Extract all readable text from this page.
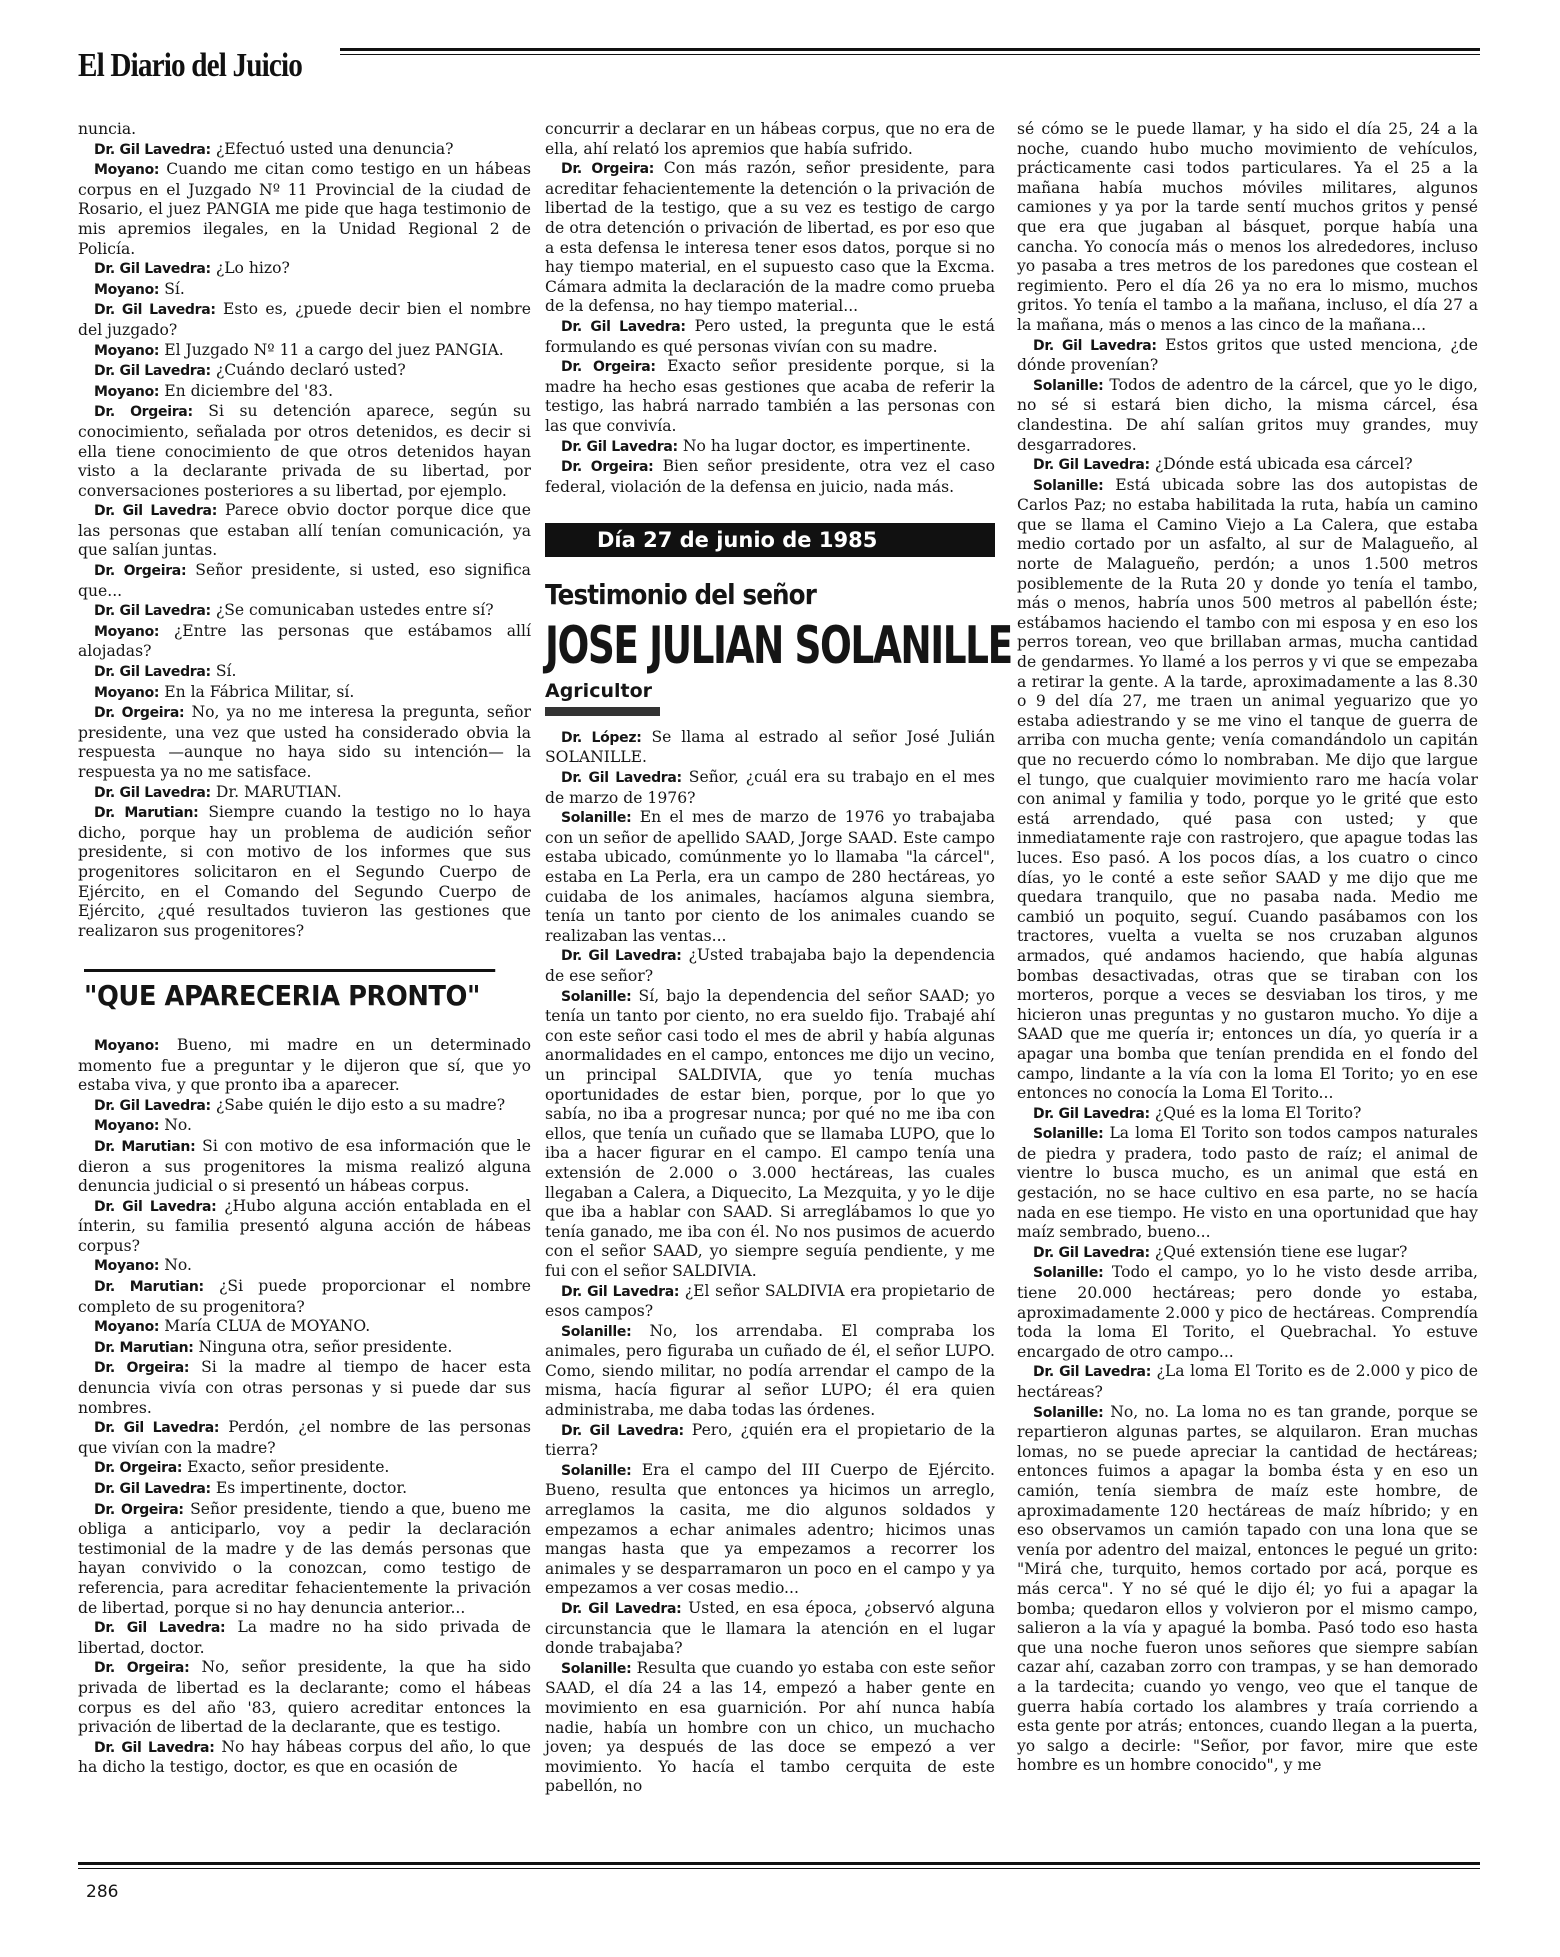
El Diario del Juicio

nuncia.

Dr. Gil Lavedra: ¿Efectuó usted una denuncia?

Moyano: Cuando me citan como testigo en un hábeas corpus en el Juzgado Nº 11 Provincial de la ciudad de Rosario, el juez PANGIA me pide que haga testimonio de mis apremios ilegales, en la Unidad Regional 2 de Policía.

Dr. Gil Lavedra: ¿Lo hizo?

Moyano: Sí.

Dr. Gil Lavedra: Esto es, ¿puede decir bien el nombre del juzgado?

Moyano: El Juzgado Nº 11 a cargo del juez PANGIA.

Dr. Gil Lavedra: ¿Cuándo declaró usted?

Moyano: En diciembre del '83.

Dr. Orgeira: Si su detención aparece, según su conocimiento, señalada por otros detenidos, es decir si ella tiene conocimiento de que otros detenidos hayan visto a la declarante privada de su libertad, por conversaciones posteriores a su libertad, por ejemplo.

Dr. Gil Lavedra: Parece obvio doctor porque dice que las personas que estaban allí tenían comunicación, ya que salían juntas.

Dr. Orgeira: Señor presidente, si usted, eso significa que...

Dr. Gil Lavedra: ¿Se comunicaban ustedes entre sí?

Moyano: ¿Entre las personas que estábamos allí alojadas?

Dr. Gil Lavedra: Sí.

Moyano: En la Fábrica Militar, sí.

Dr. Orgeira: No, ya no me interesa la pregunta, señor presidente, una vez que usted ha considerado obvia la respuesta —aunque no haya sido su intención— la respuesta ya no me satisface.

Dr. Gil Lavedra: Dr. MARUTIAN.

Dr. Marutian: Siempre cuando la testigo no lo haya dicho, porque hay un problema de audición señor presidente, si con motivo de los informes que sus progenitores solicitaron en el Segundo Cuerpo de Ejército, en el Comando del Segundo Cuerpo de Ejército, ¿qué resultados tuvieron las gestiones que realizaron sus progenitores?

"QUE APARECERIA PRONTO"

Moyano: Bueno, mi madre en un determinado momento fue a preguntar y le dijeron que sí, que yo estaba viva, y que pronto iba a aparecer.

Dr. Gil Lavedra: ¿Sabe quién le dijo esto a su madre?

Moyano: No.

Dr. Marutian: Si con motivo de esa información que le dieron a sus progenitores la misma realizó alguna denuncia judicial o si presentó un hábeas corpus.

Dr. Gil Lavedra: ¿Hubo alguna acción entablada en el ínterin, su familia presentó alguna acción de hábeas corpus?

Moyano: No.

Dr. Marutian: ¿Si puede proporcionar el nombre completo de su progenitora?

Moyano: María CLUA de MOYANO.

Dr. Marutian: Ninguna otra, señor presidente.

Dr. Orgeira: Si la madre al tiempo de hacer esta denuncia vivía con otras personas y si puede dar sus nombres.

Dr. Gil Lavedra: Perdón, ¿el nombre de las personas que vivían con la madre?

Dr. Orgeira: Exacto, señor presidente.

Dr. Gil Lavedra: Es impertinente, doctor.

Dr. Orgeira: Señor presidente, tiendo a que, bueno me obliga a anticiparlo, voy a pedir la declaración testimonial de la madre y de las demás personas que hayan convivido o la conozcan, como testigo de referencia, para acreditar fehacientemente la privación de libertad, porque si no hay denuncia anterior...

Dr. Gil Lavedra: La madre no ha sido privada de libertad, doctor.

Dr. Orgeira: No, señor presidente, la que ha sido privada de libertad es la declarante; como el hábeas corpus es del año '83, quiero acreditar entonces la privación de libertad de la declarante, que es testigo.

Dr. Gil Lavedra: No hay hábeas corpus del año, lo que ha dicho la testigo, doctor, es que en ocasión de

concurrir a declarar en un hábeas corpus, que no era de ella, ahí relató los apremios que había sufrido.

Dr. Orgeira: Con más razón, señor presidente, para acreditar fehacientemente la detención o la privación de libertad de la testigo, que a su vez es testigo de cargo de otra detención o privación de libertad, es por eso que a esta defensa le interesa tener esos datos, porque si no hay tiempo material, en el supuesto caso que la Excma. Cámara admita la declaración de la madre como prueba de la defensa, no hay tiempo material...

Dr. Gil Lavedra: Pero usted, la pregunta que le está formulando es qué personas vivían con su madre.

Dr. Orgeira: Exacto señor presidente porque, si la madre ha hecho esas gestiones que acaba de referir la testigo, las habrá narrado también a las personas con las que convivía.

Dr. Gil Lavedra: No ha lugar doctor, es impertinente.

Dr. Orgeira: Bien señor presidente, otra vez el caso federal, violación de la defensa en juicio, nada más.

Día 27 de junio de 1985
Testimonio del señor
JOSE JULIAN SOLANILLE
Agricultor

Dr. López: Se llama al estrado al señor José Julián SOLANILLE.

Dr. Gil Lavedra: Señor, ¿cuál era su trabajo en el mes de marzo de 1976?

Solanille: En el mes de marzo de 1976 yo trabajaba con un señor de apellido SAAD, Jorge SAAD. Este campo estaba ubicado, comúnmente yo lo llamaba "la cárcel", estaba en La Perla, era un campo de 280 hectáreas, yo cuidaba de los animales, hacíamos alguna siembra, tenía un tanto por ciento de los animales cuando se realizaban las ventas...

Dr. Gil Lavedra: ¿Usted trabajaba bajo la dependencia de ese señor?

Solanille: Sí, bajo la dependencia del señor SAAD; yo tenía un tanto por ciento, no era sueldo fijo. Trabajé ahí con este señor casi todo el mes de abril y había algunas anormalidades en el campo, entonces me dijo un vecino, un principal SALDIVIA, que yo tenía muchas oportunidades de estar bien, porque, por lo que yo sabía, no iba a progresar nunca; por qué no me iba con ellos, que tenía un cuñado que se llamaba LUPO, que lo iba a hacer figurar en el campo. El campo tenía una extensión de 2.000 o 3.000 hectáreas, las cuales llegaban a Calera, a Diquecito, La Mezquita, y yo le dije que iba a hablar con SAAD. Si arreglábamos lo que yo tenía ganado, me iba con él. No nos pusimos de acuerdo con el señor SAAD, yo siempre seguía pendiente, y me fui con el señor SALDIVIA.

Dr. Gil Lavedra: ¿El señor SALDIVIA era propietario de esos campos?

Solanille: No, los arrendaba. El compraba los animales, pero figuraba un cuñado de él, el señor LUPO. Como, siendo militar, no podía arrendar el campo de la misma, hacía figurar al señor LUPO; él era quien administraba, me daba todas las órdenes.

Dr. Gil Lavedra: Pero, ¿quién era el propietario de la tierra?

Solanille: Era el campo del III Cuerpo de Ejército. Bueno, resulta que entonces ya hicimos un arreglo, arreglamos la casita, me dio algunos soldados y empezamos a echar animales adentro; hicimos unas mangas hasta que ya empezamos a recorrer los animales y se desparramaron un poco en el campo y ya empezamos a ver cosas medio...

Dr. Gil Lavedra: Usted, en esa época, ¿observó alguna circunstancia que le llamara la atención en el lugar donde trabajaba?

Solanille: Resulta que cuando yo estaba con este señor SAAD, el día 24 a las 14, empezó a haber gente en movimiento en esa guarnición. Por ahí nunca había nadie, había un hombre con un chico, un muchacho joven; ya después de las doce se empezó a ver movimiento. Yo hacía el tambo cerquita de este pabellón, no

sé cómo se le puede llamar, y ha sido el día 25, 24 a la noche, cuando hubo mucho movimiento de vehículos, prácticamente casi todos particulares. Ya el 25 a la mañana había muchos móviles militares, algunos camiones y ya por la tarde sentí muchos gritos y pensé que era que jugaban al básquet, porque había una cancha. Yo conocía más o menos los alrededores, incluso yo pasaba a tres metros de los paredones que costean el regimiento. Pero el día 26 ya no era lo mismo, muchos gritos. Yo tenía el tambo a la mañana, incluso, el día 27 a la mañana, más o menos a las cinco de la mañana...

Dr. Gil Lavedra: Estos gritos que usted menciona, ¿de dónde provenían?

Solanille: Todos de adentro de la cárcel, que yo le digo, no sé si estará bien dicho, la misma cárcel, ésa clandestina. De ahí salían gritos muy grandes, muy desgarradores.

Dr. Gil Lavedra: ¿Dónde está ubicada esa cárcel?

Solanille: Está ubicada sobre las dos autopistas de Carlos Paz; no estaba habilitada la ruta, había un camino que se llama el Camino Viejo a La Calera, que estaba medio cortado por un asfalto, al sur de Malagueño, al norte de Malagueño, perdón; a unos 1.500 metros posiblemente de la Ruta 20 y donde yo tenía el tambo, más o menos, habría unos 500 metros al pabellón éste; estábamos haciendo el tambo con mi esposa y en eso los perros torean, veo que brillaban armas, mucha cantidad de gendarmes. Yo llamé a los perros y vi que se empezaba a retirar la gente. A la tarde, aproximadamente a las 8.30 o 9 del día 27, me traen un animal yeguarizo que yo estaba adiestrando y se me vino el tanque de guerra de arriba con mucha gente; venía comandándolo un capitán que no recuerdo cómo lo nombraban. Me dijo que largue el tungo, que cualquier movimiento raro me hacía volar con animal y familia y todo, porque yo le grité que esto está arrendado, qué pasa con usted; y que inmediatamente raje con rastrojero, que apague todas las luces. Eso pasó. A los pocos días, a los cuatro o cinco días, yo le conté a este señor SAAD y me dijo que me quedara tranquilo, que no pasaba nada. Medio me cambió un poquito, seguí. Cuando pasábamos con los tractores, vuelta a vuelta se nos cruzaban algunos armados, qué andamos haciendo, que había algunas bombas desactivadas, otras que se tiraban con los morteros, porque a veces se desviaban los tiros, y me hicieron unas preguntas y no gustaron mucho. Yo dije a SAAD que me quería ir; entonces un día, yo quería ir a apagar una bomba que tenían prendida en el fondo del campo, lindante a la vía con la loma El Torito; yo en ese entonces no conocía la Loma El Torito...

Dr. Gil Lavedra: ¿Qué es la loma El Torito?

Solanille: La loma El Torito son todos campos naturales de piedra y pradera, todo pasto de raíz; el animal de vientre lo busca mucho, es un animal que está en gestación, no se hace cultivo en esa parte, no se hacía nada en ese tiempo. He visto en una oportunidad que hay maíz sembrado, bueno...

Dr. Gil Lavedra: ¿Qué extensión tiene ese lugar?

Solanille: Todo el campo, yo lo he visto desde arriba, tiene 20.000 hectáreas; pero donde yo estaba, aproximadamente 2.000 y pico de hectáreas. Comprendía toda la loma El Torito, el Quebrachal. Yo estuve encargado de otro campo...

Dr. Gil Lavedra: ¿La loma El Torito es de 2.000 y pico de hectáreas?

Solanille: No, no. La loma no es tan grande, porque se repartieron algunas partes, se alquilaron. Eran muchas lomas, no se puede apreciar la cantidad de hectáreas; entonces fuimos a apagar la bomba ésta y en eso un camión, tenía siembra de maíz este hombre, de aproximadamente 120 hectáreas de maíz híbrido; y en eso observamos un camión tapado con una lona que se venía por adentro del maizal, entonces le pegué un grito: "Mirá che, turquito, hemos cortado por acá, porque es más cerca". Y no sé qué le dijo él; yo fui a apagar la bomba; quedaron ellos y volvieron por el mismo campo, salieron a la vía y apagué la bomba. Pasó todo eso hasta que una noche fueron unos señores que siempre sabían cazar ahí, cazaban zorro con trampas, y se han demorado a la tardecita; cuando yo vengo, veo que el tanque de guerra había cortado los alambres y traía corriendo a esta gente por atrás; entonces, cuando llegan a la puerta, yo salgo a decirle: "Señor, por favor, mire que este hombre es un hombre conocido", y me

286
